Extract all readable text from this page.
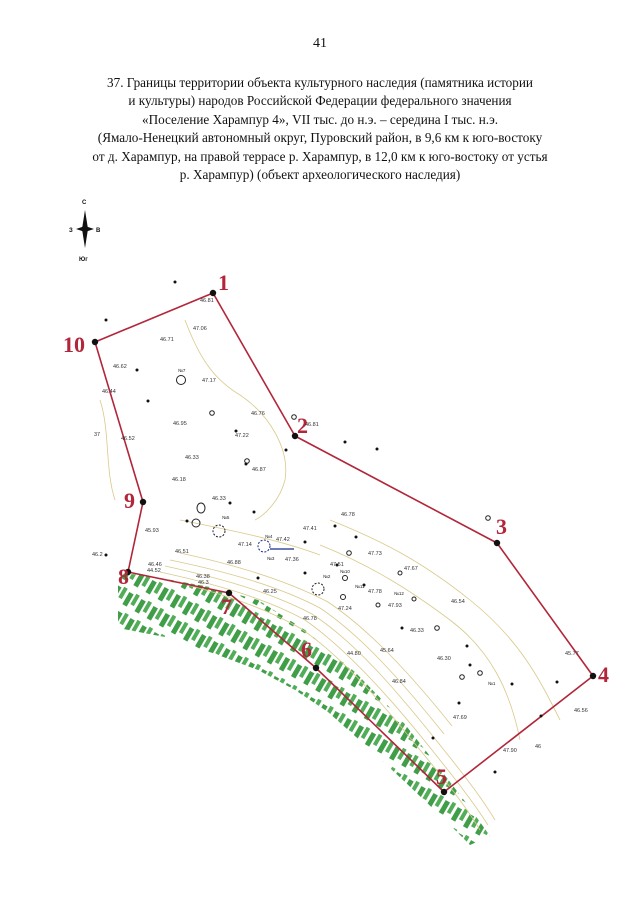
41
37. Границы территории объекта культурного наследия (памятника истории
и культуры) народов Российской Федерации федерального значения
«Поселение Харампур 4», VII тыс. до н.э. – середина I тыс. н.э.
(Ямало-Ненецкий автономный округ, Пуровский район, в 9,6 км к юго-востоку
от д. Харампур, на правой террасе р. Харампур, в 12,0 км к юго-востоку от устья
р. Харампур) (объект археологического наследия)
С
З	В
Юг
1
2
3
4
5
6
7
8
9
10
46.81
47.06
46.71
46.62
47.17
46.44
46.95
46.76
46.81
46.52	47.22
46.33
46.87
46.18
46.33
47.41
46.78
45.93
47.14
47.42
46.51
46.88	47.36
47.51
47.73
47.67
46.46
44.52
46.38
46.3
46.25	47.78
47.93
47.24
46.54
46.78
46.33
44.80	45.64
46.84
46.30
45.77
46.56
47.69
47.90
46
37
46.2
№7
№4
№5
№3
№2
№1
№10
№11
№12
